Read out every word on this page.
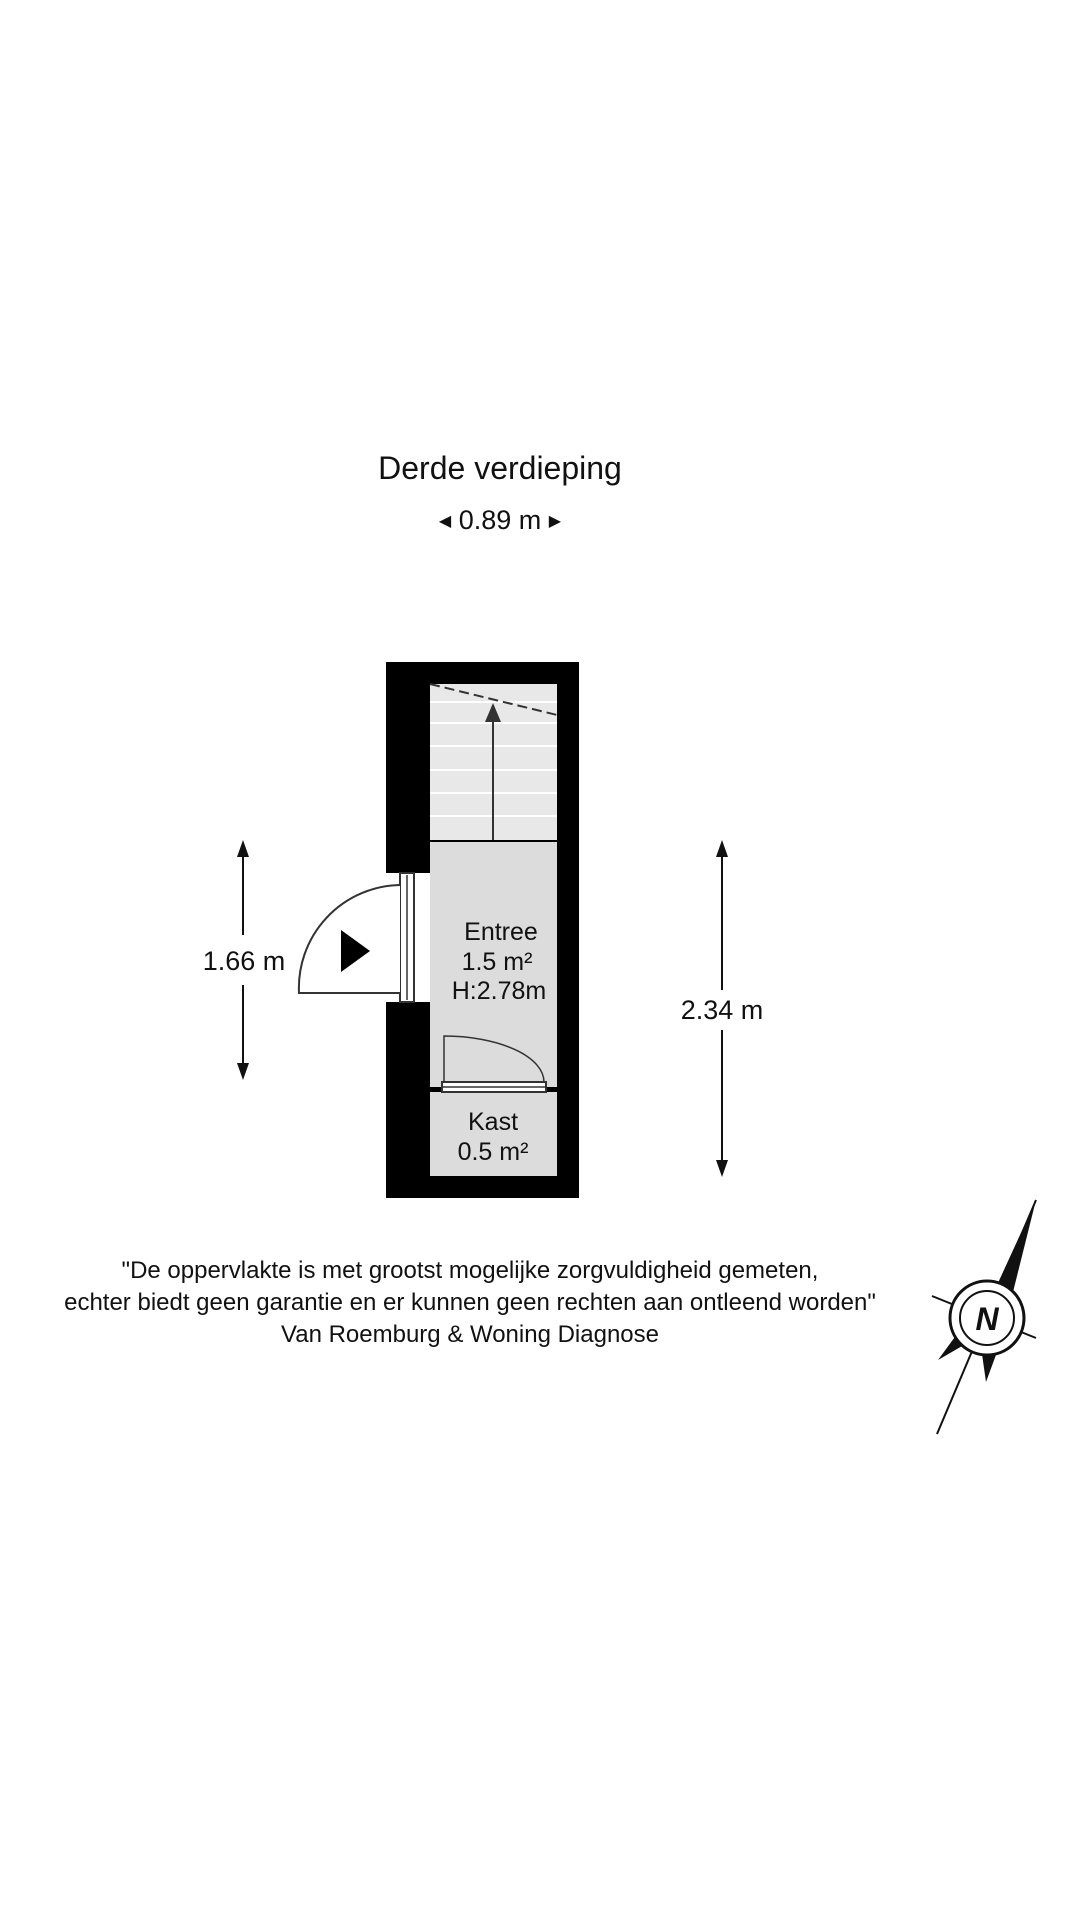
Derde verdieping
◀ 0.89 m ▶
Entree
1.5 m²
H:2.78m
Kast
0.5 m²
1.66 m
2.34 m
N
"De oppervlakte is met grootst mogelijke zorgvuldigheid gemeten,
echter biedt geen garantie en er kunnen geen rechten aan ontleend worden"
Van Roemburg & Woning Diagnose
